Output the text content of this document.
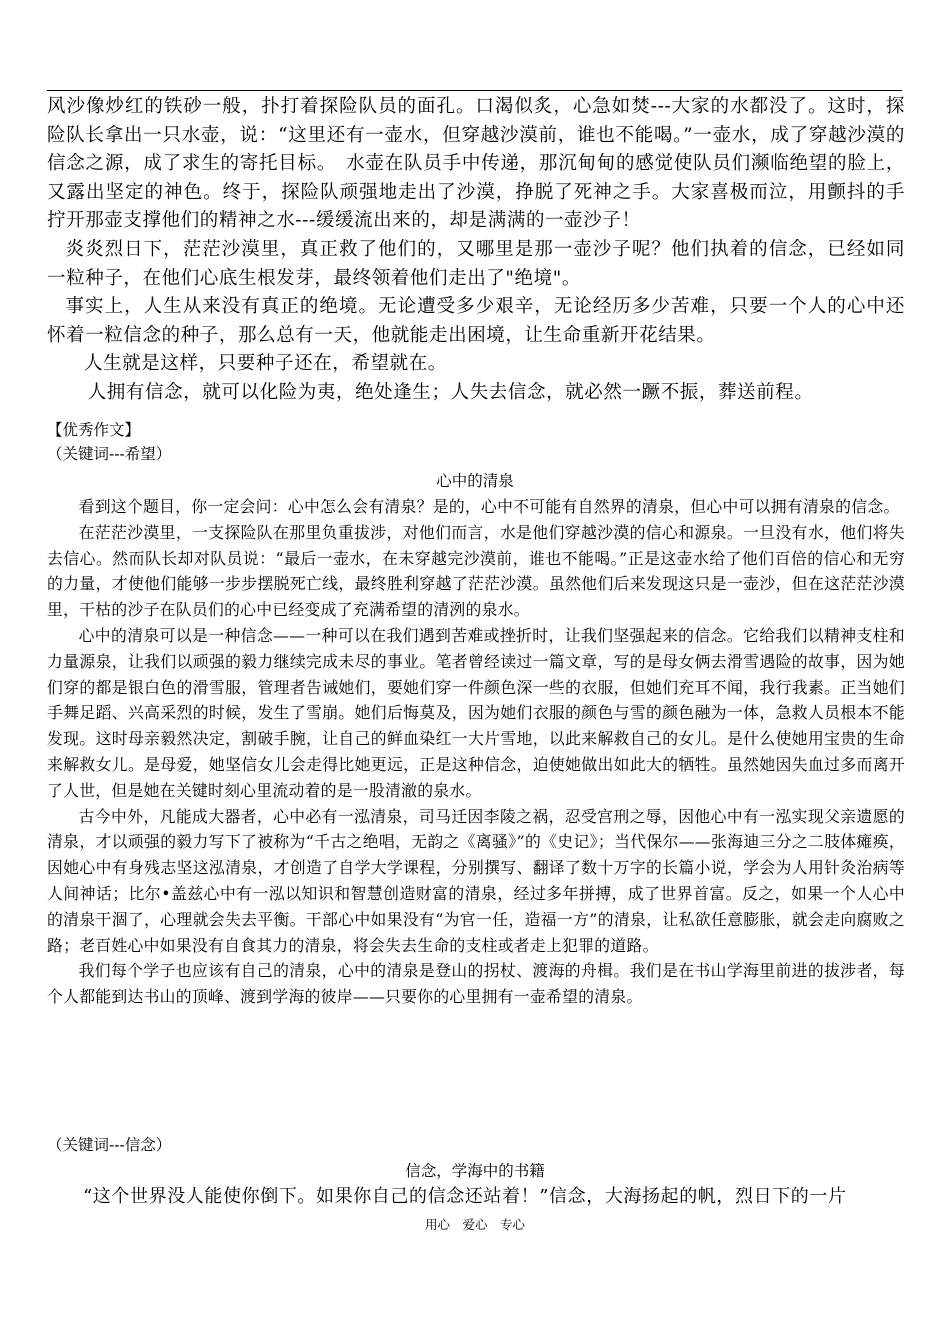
风沙像炒红的铁砂一般，扑打着探险队员的面孔。口渴似炙，心急如焚---大家的水都没了。这时，探险队长拿出一只水壶，说：“这里还有一壶水，但穿越沙漠前，谁也不能喝。”一壶水，成了穿越沙漠的信念之源，成了求生的寄托目标。　水壶在队员手中传递，那沉甸甸的感觉使队员们濒临绝望的脸上，又露出坚定的神色。终于，探险队顽强地走出了沙漠，挣脱了死神之手。大家喜极而泣，用颤抖的手拧开那壶支撑他们的精神之水---缓缓流出来的，却是满满的一壶沙子！

炎炎烈日下，茫茫沙漠里，真正救了他们的，又哪里是那一壶沙子呢？他们执着的信念，已经如同一粒种子，在他们心底生根发芽，最终领着他们走出了"绝境"。

事实上，人生从来没有真正的绝境。无论遭受多少艰辛，无论经历多少苦难，只要一个人的心中还怀着一粒信念的种子，那么总有一天，他就能走出困境，让生命重新开花结果。

人生就是这样，只要种子还在，希望就在。

人拥有信念，就可以化险为夷，绝处逢生；人失去信念，就必然一蹶不振，葬送前程。

【优秀作文】

（关键词---希望）

心中的清泉

看到这个题目，你一定会问：心中怎么会有清泉？是的，心中不可能有自然界的清泉，但心中可以拥有清泉的信念。

在茫茫沙漠里，一支探险队在那里负重拔涉，对他们而言，水是他们穿越沙漠的信心和源泉。一旦没有水，他们将失去信心。然而队长却对队员说：“最后一壶水，在未穿越完沙漠前，谁也不能喝。”正是这壶水给了他们百倍的信心和无穷的力量，才使他们能够一步步摆脱死亡线，最终胜利穿越了茫茫沙漠。虽然他们后来发现这只是一壶沙，但在这茫茫沙漠里，干枯的沙子在队员们的心中已经变成了充满希望的清洌的泉水。

心中的清泉可以是一种信念——一种可以在我们遇到苦难或挫折时，让我们坚强起来的信念。它给我们以精神支柱和力量源泉，让我们以顽强的毅力继续完成未尽的事业。笔者曾经读过一篇文章，写的是母女俩去滑雪遇险的故事，因为她们穿的都是银白色的滑雪服，管理者告诫她们，要她们穿一件颜色深一些的衣服，但她们充耳不闻，我行我素。正当她们手舞足蹈、兴高采烈的时候，发生了雪崩。她们后悔莫及，因为她们衣服的颜色与雪的颜色融为一体，急救人员根本不能发现。这时母亲毅然决定，割破手腕，让自己的鲜血染红一大片雪地，以此来解救自己的女儿。是什么使她用宝贵的生命来解救女儿。是母爱，她坚信女儿会走得比她更远，正是这种信念，迫使她做出如此大的牺牲。虽然她因失血过多而离开了人世，但是她在关键时刻心里流动着的是一股清澈的泉水。

古今中外，凡能成大器者，心中必有一泓清泉，司马迁因李陵之祸，忍受宫刑之辱，因他心中有一泓实现父亲遗愿的清泉，才以顽强的毅力写下了被称为“千古之绝唱，无韵之《离骚》”的《史记》；当代保尔——张海迪三分之二肢体瘫痪，因她心中有身残志坚这泓清泉，才创造了自学大学课程，分别撰写、翻译了数十万字的长篇小说，学会为人用针灸治病等人间神话；比尔•盖兹心中有一泓以知识和智慧创造财富的清泉，经过多年拼搏，成了世界首富。反之，如果一个人心中的清泉干涸了，心理就会失去平衡。干部心中如果没有“为官一任，造福一方”的清泉，让私欲任意膨胀，就会走向腐败之路；老百姓心中如果没有自食其力的清泉，将会失去生命的支柱或者走上犯罪的道路。

我们每个学子也应该有自己的清泉，心中的清泉是登山的拐杖、渡海的舟楫。我们是在书山学海里前进的拔涉者，每个人都能到达书山的顶峰、渡到学海的彼岸——只要你的心里拥有一壶希望的清泉。

（关键词---信念）

信念，学海中的书籍

“这个世界没人能使你倒下。如果你自己的信念还站着！”信念，大海扬起的帆，烈日下的一片

用心　爱心　专心
